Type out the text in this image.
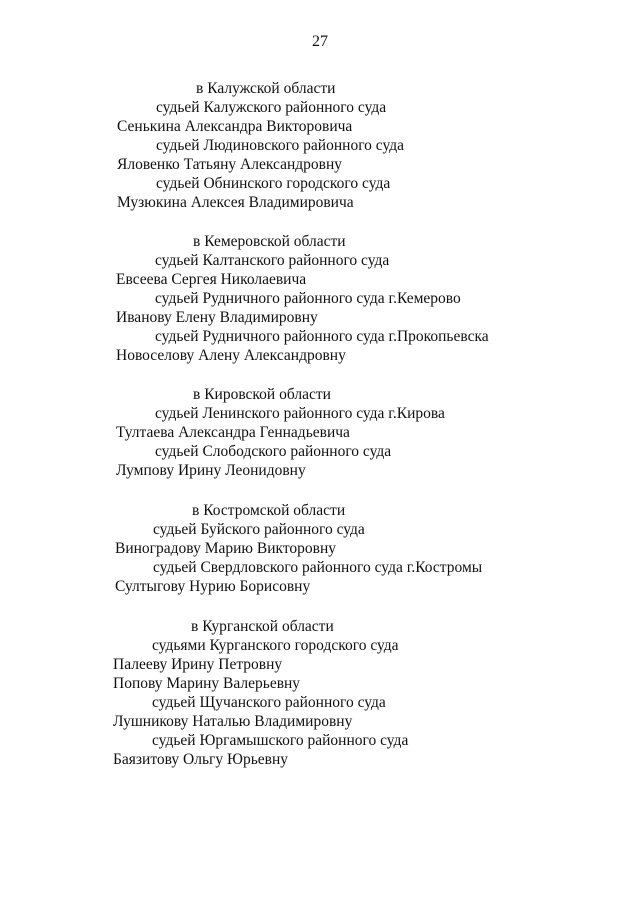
27
в Калужской области
судьей Калужского районного суда
Сенькина Александра Викторовича
судьей Людиновского районного суда
Яловенко Татьяну Александровну
судьей Обнинского городского суда
Музюкина Алексея Владимировича
в Кемеровской области
судьей Калтанского районного суда
Евсеева Сергея Николаевича
судьей Рудничного районного суда г.Кемерово
Иванову Елену Владимировну
судьей Рудничного районного суда г.Прокопьевска
Новоселову Алену Александровну
в Кировской области
судьей Ленинского районного суда г.Кирова
Тултаева Александра Геннадьевича
судьей Слободского районного суда
Лумпову Ирину Леонидовну
в Костромской области
судьей Буйского районного суда
Виноградову Марию Викторовну
судьей Свердловского районного суда г.Костромы
Султыгову Нурию Борисовну
в Курганской области
судьями Курганского городского суда
Палееву Ирину Петровну
Попову Марину Валерьевну
судьей Щучанского районного суда
Лушникову Наталью Владимировну
судьей Юргамышского районного суда
Баязитову Ольгу Юрьевну
